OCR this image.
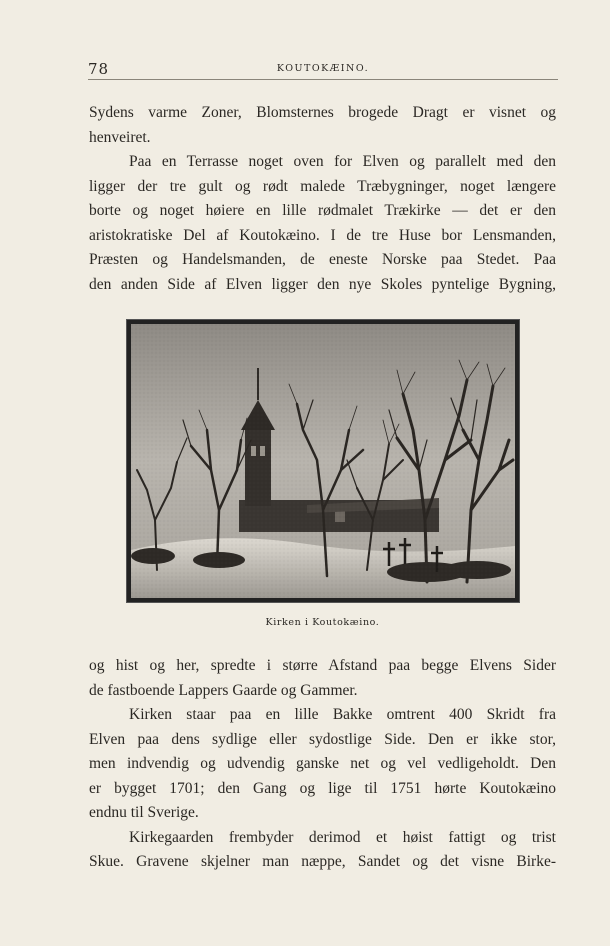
78	KOUTOKÆINO.
Sydens varme Zoner, Blomsternes brogede Dragt er visnet og
henveiret.
Paa en Terrasse noget oven for Elven og parallelt med den
ligger der tre gult og rødt malede Træbygninger, noget længere
borte og noget høiere en lille rødmalet Trækirke — det er den
aristokratiske Del af Koutokæino. I de tre Huse bor Lensmanden,
Præsten og Handelsmanden, de eneste Norske paa Stedet. Paa
den anden Side af Elven ligger den nye Skoles pyntelige Bygning,
Kirken i Koutokæino.
og hist og her, spredte i større Afstand paa begge Elvens Sider
de fastboende Lappers Gaarde og Gammer.
Kirken staar paa en lille Bakke omtrent 400 Skridt fra
Elven paa dens sydlige eller sydostlige Side. Den er ikke stor,
men indvendig og udvendig ganske net og vel vedligeholdt. Den
er bygget 1701; den Gang og lige til 1751 hørte Koutokæino
endnu til Sverige.
Kirkegaarden frembyder derimod et høist fattigt og trist
Skue. Gravene skjelner man næppe, Sandet og det visne Birke-
